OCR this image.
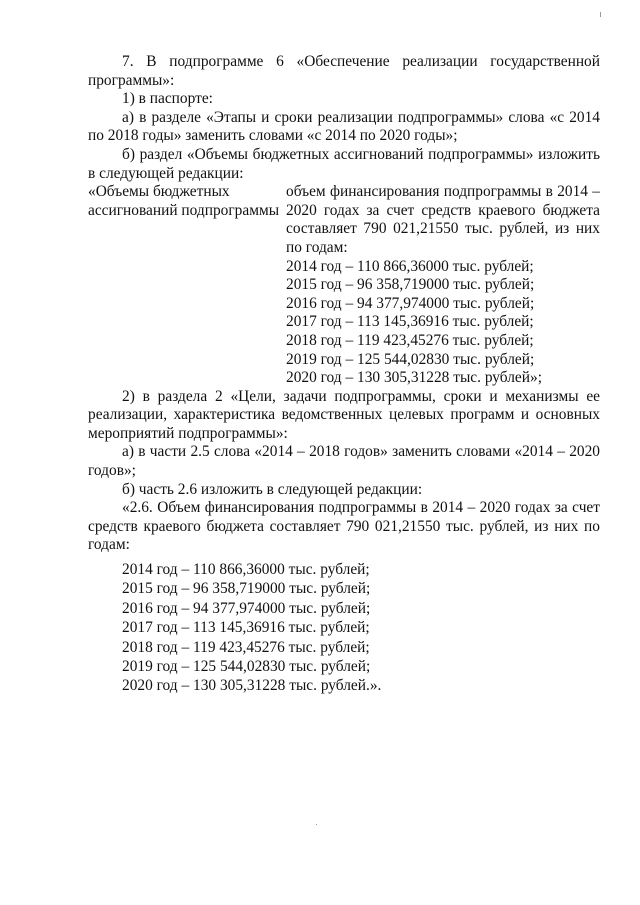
7. В подпрограмме 6 «Обеспечение реализации государственной программы»:

1) в паспорте:

а) в разделе «Этапы и сроки реализации подпрограммы» слова «с 2014 по 2018 годы» заменить словами «с 2014 по 2020 годы»;

б) раздел «Объемы бюджетных ассигнований подпрограммы» изложить в следующей редакции:

«Объемы бюджетных ассигнований подпрограммы

объем финансирования подпрограммы в 2014 – 2020 годах за счет средств краевого бюджета составляет 790 021,21550 тыс. рублей, из них по годам:

2014 год – 110 866,36000 тыс. рублей;

2015 год – 96 358,719000 тыс. рублей;

2016 год – 94 377,974000 тыс. рублей;

2017 год – 113 145,36916 тыс. рублей;

2018 год – 119 423,45276 тыс. рублей;

2019 год – 125 544,02830 тыс. рублей;

2020 год – 130 305,31228 тыс. рублей»;

2) в раздела 2 «Цели, задачи подпрограммы, сроки и механизмы ее реализации, характеристика ведомственных целевых программ и основных мероприятий подпрограммы»:

а) в части 2.5 слова «2014 – 2018 годов» заменить словами «2014 – 2020 годов»;

б) часть 2.6 изложить в следующей редакции:

«2.6. Объем финансирования подпрограммы в 2014 – 2020 годах за счет средств краевого бюджета составляет 790 021,21550 тыс. рублей, из них по годам:

2014 год – 110 866,36000 тыс. рублей;

2015 год – 96 358,719000 тыс. рублей;

2016 год – 94 377,974000 тыс. рублей;

2017 год – 113 145,36916 тыс. рублей;

2018 год – 119 423,45276 тыс. рублей;

2019 год – 125 544,02830 тыс. рублей;

2020 год – 130 305,31228 тыс. рублей.».
